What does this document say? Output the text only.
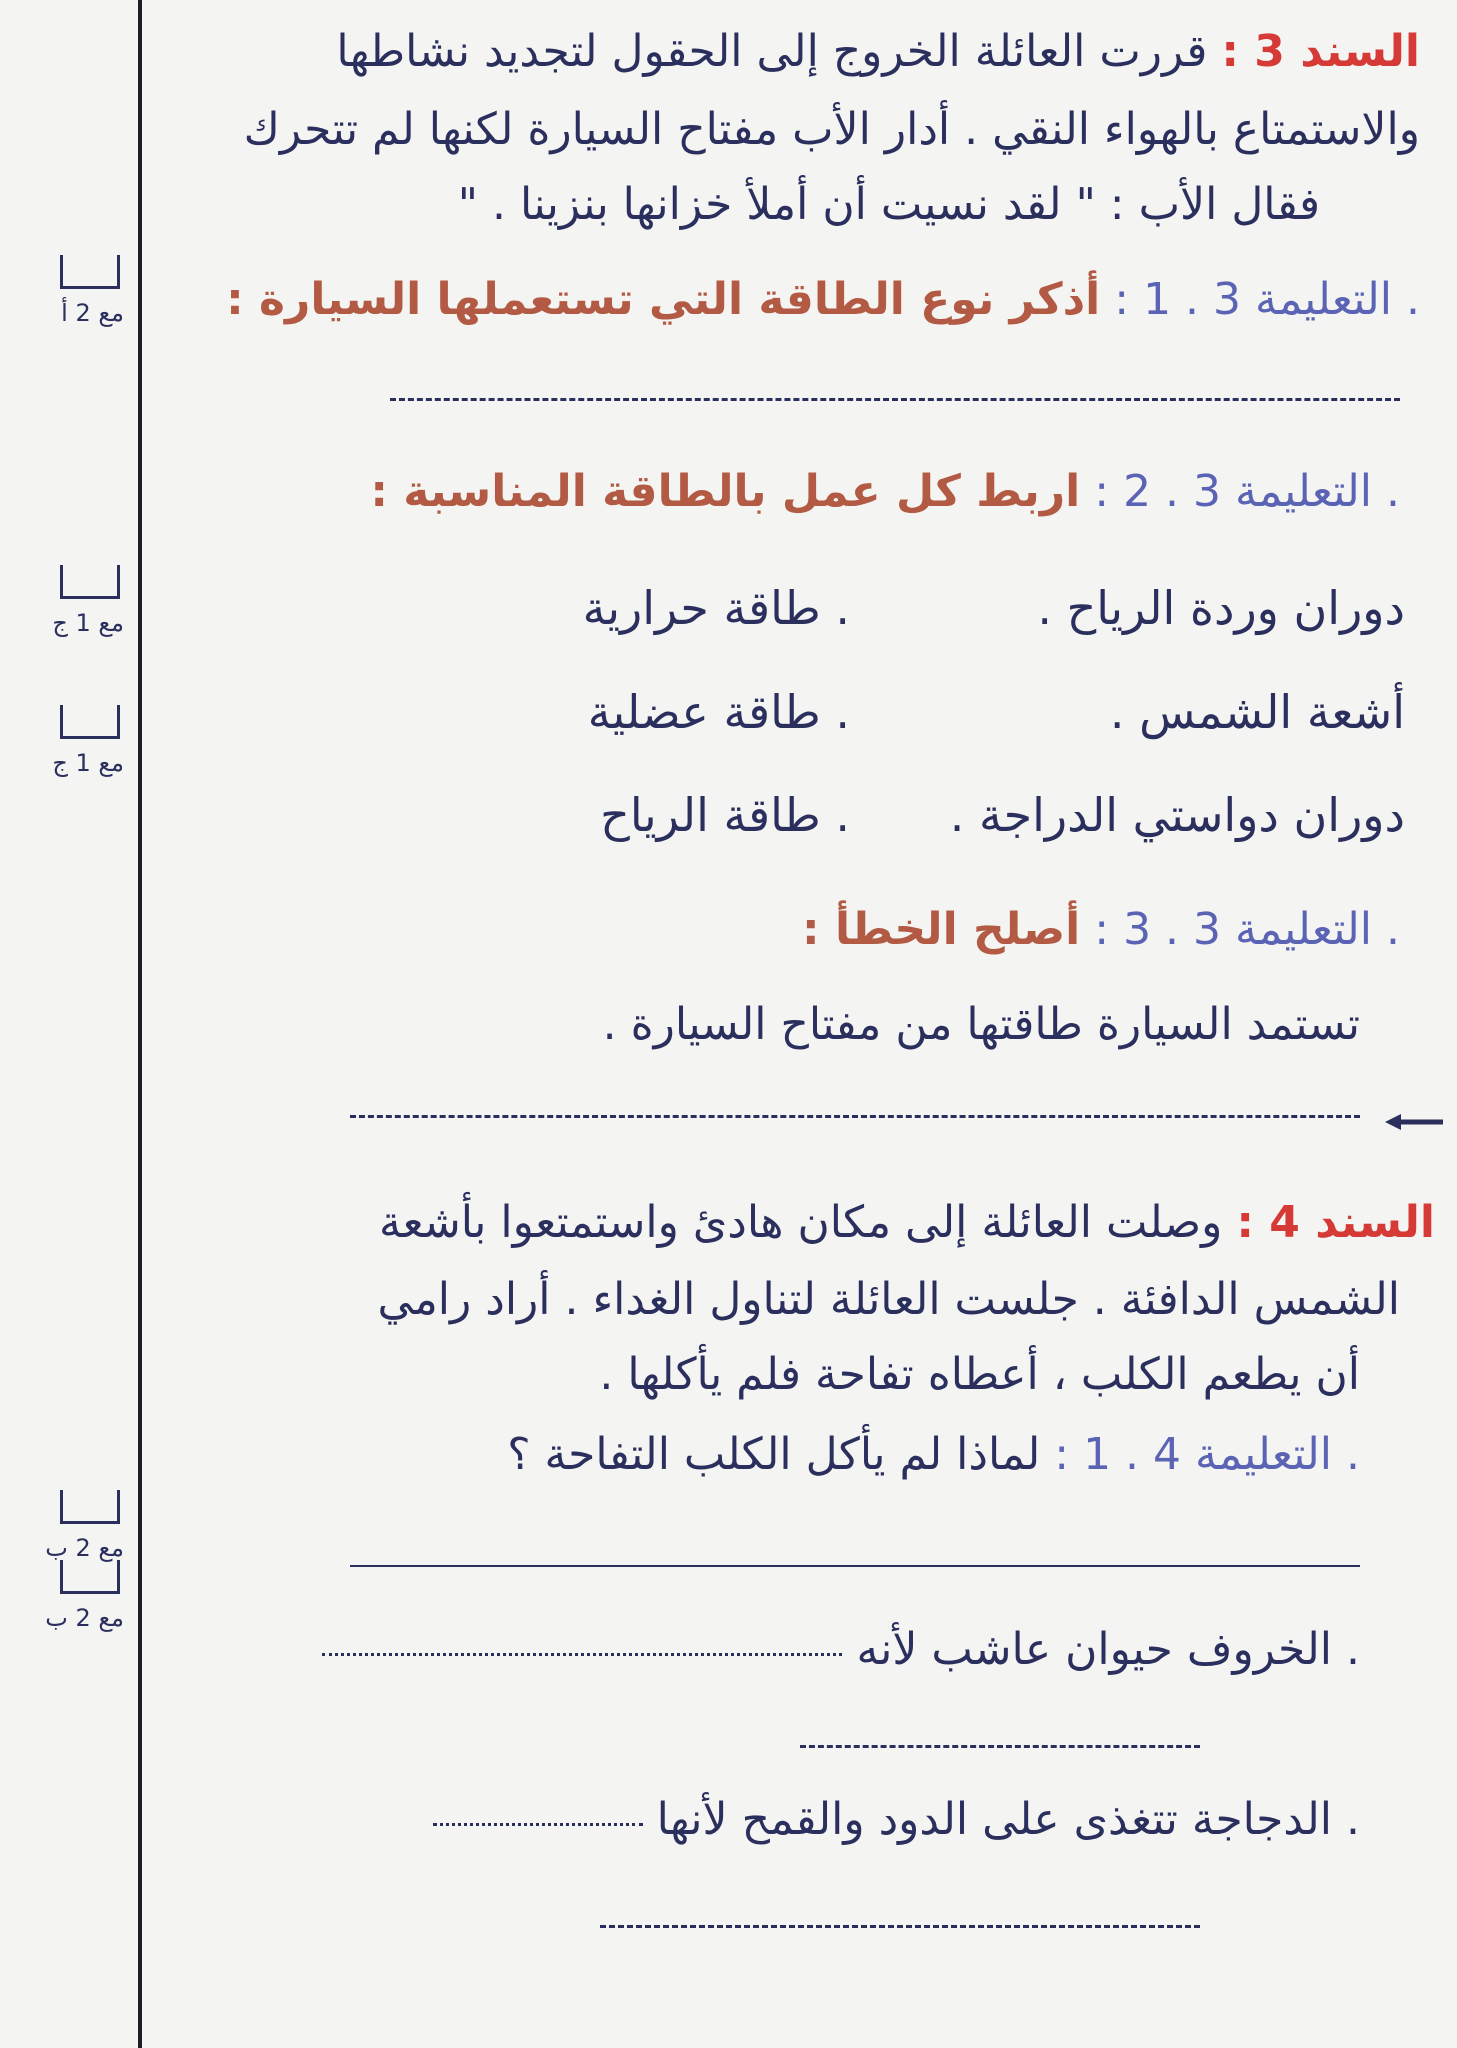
مع 2 أ
مع 1 ج
مع 1 ج
مع 2 ب
مع 2 ب
السند 3 : قررت العائلة الخروج إلى الحقول لتجديد نشاطها
والاستمتاع بالهواء النقي . أدار الأب مفتاح السيارة لكنها لم تتحرك
فقال الأب : " لقد نسيت أن أملأ خزانها بنزينا . "
. التعليمة 3 . 1 : أذكر نوع الطاقة التي تستعملها السيارة :
. التعليمة 3 . 2 : اربط كل عمل بالطاقة المناسبة :
دوران وردة الرياح .
. طاقة حرارية
أشعة الشمس .
. طاقة عضلية
دوران دواستي الدراجة .
. طاقة الرياح
. التعليمة 3 . 3 : أصلح الخطأ :
تستمد السيارة طاقتها من مفتاح السيارة .
السند 4 : وصلت العائلة إلى مكان هادئ واستمتعوا بأشعة
الشمس الدافئة . جلست العائلة لتناول الغداء . أراد رامي
أن يطعم الكلب ، أعطاه تفاحة فلم يأكلها .
. التعليمة 4 . 1 : لماذا لم يأكل الكلب التفاحة ؟
. الخروف حيوان عاشب لأنه
. الدجاجة تتغذى على الدود والقمح لأنها
